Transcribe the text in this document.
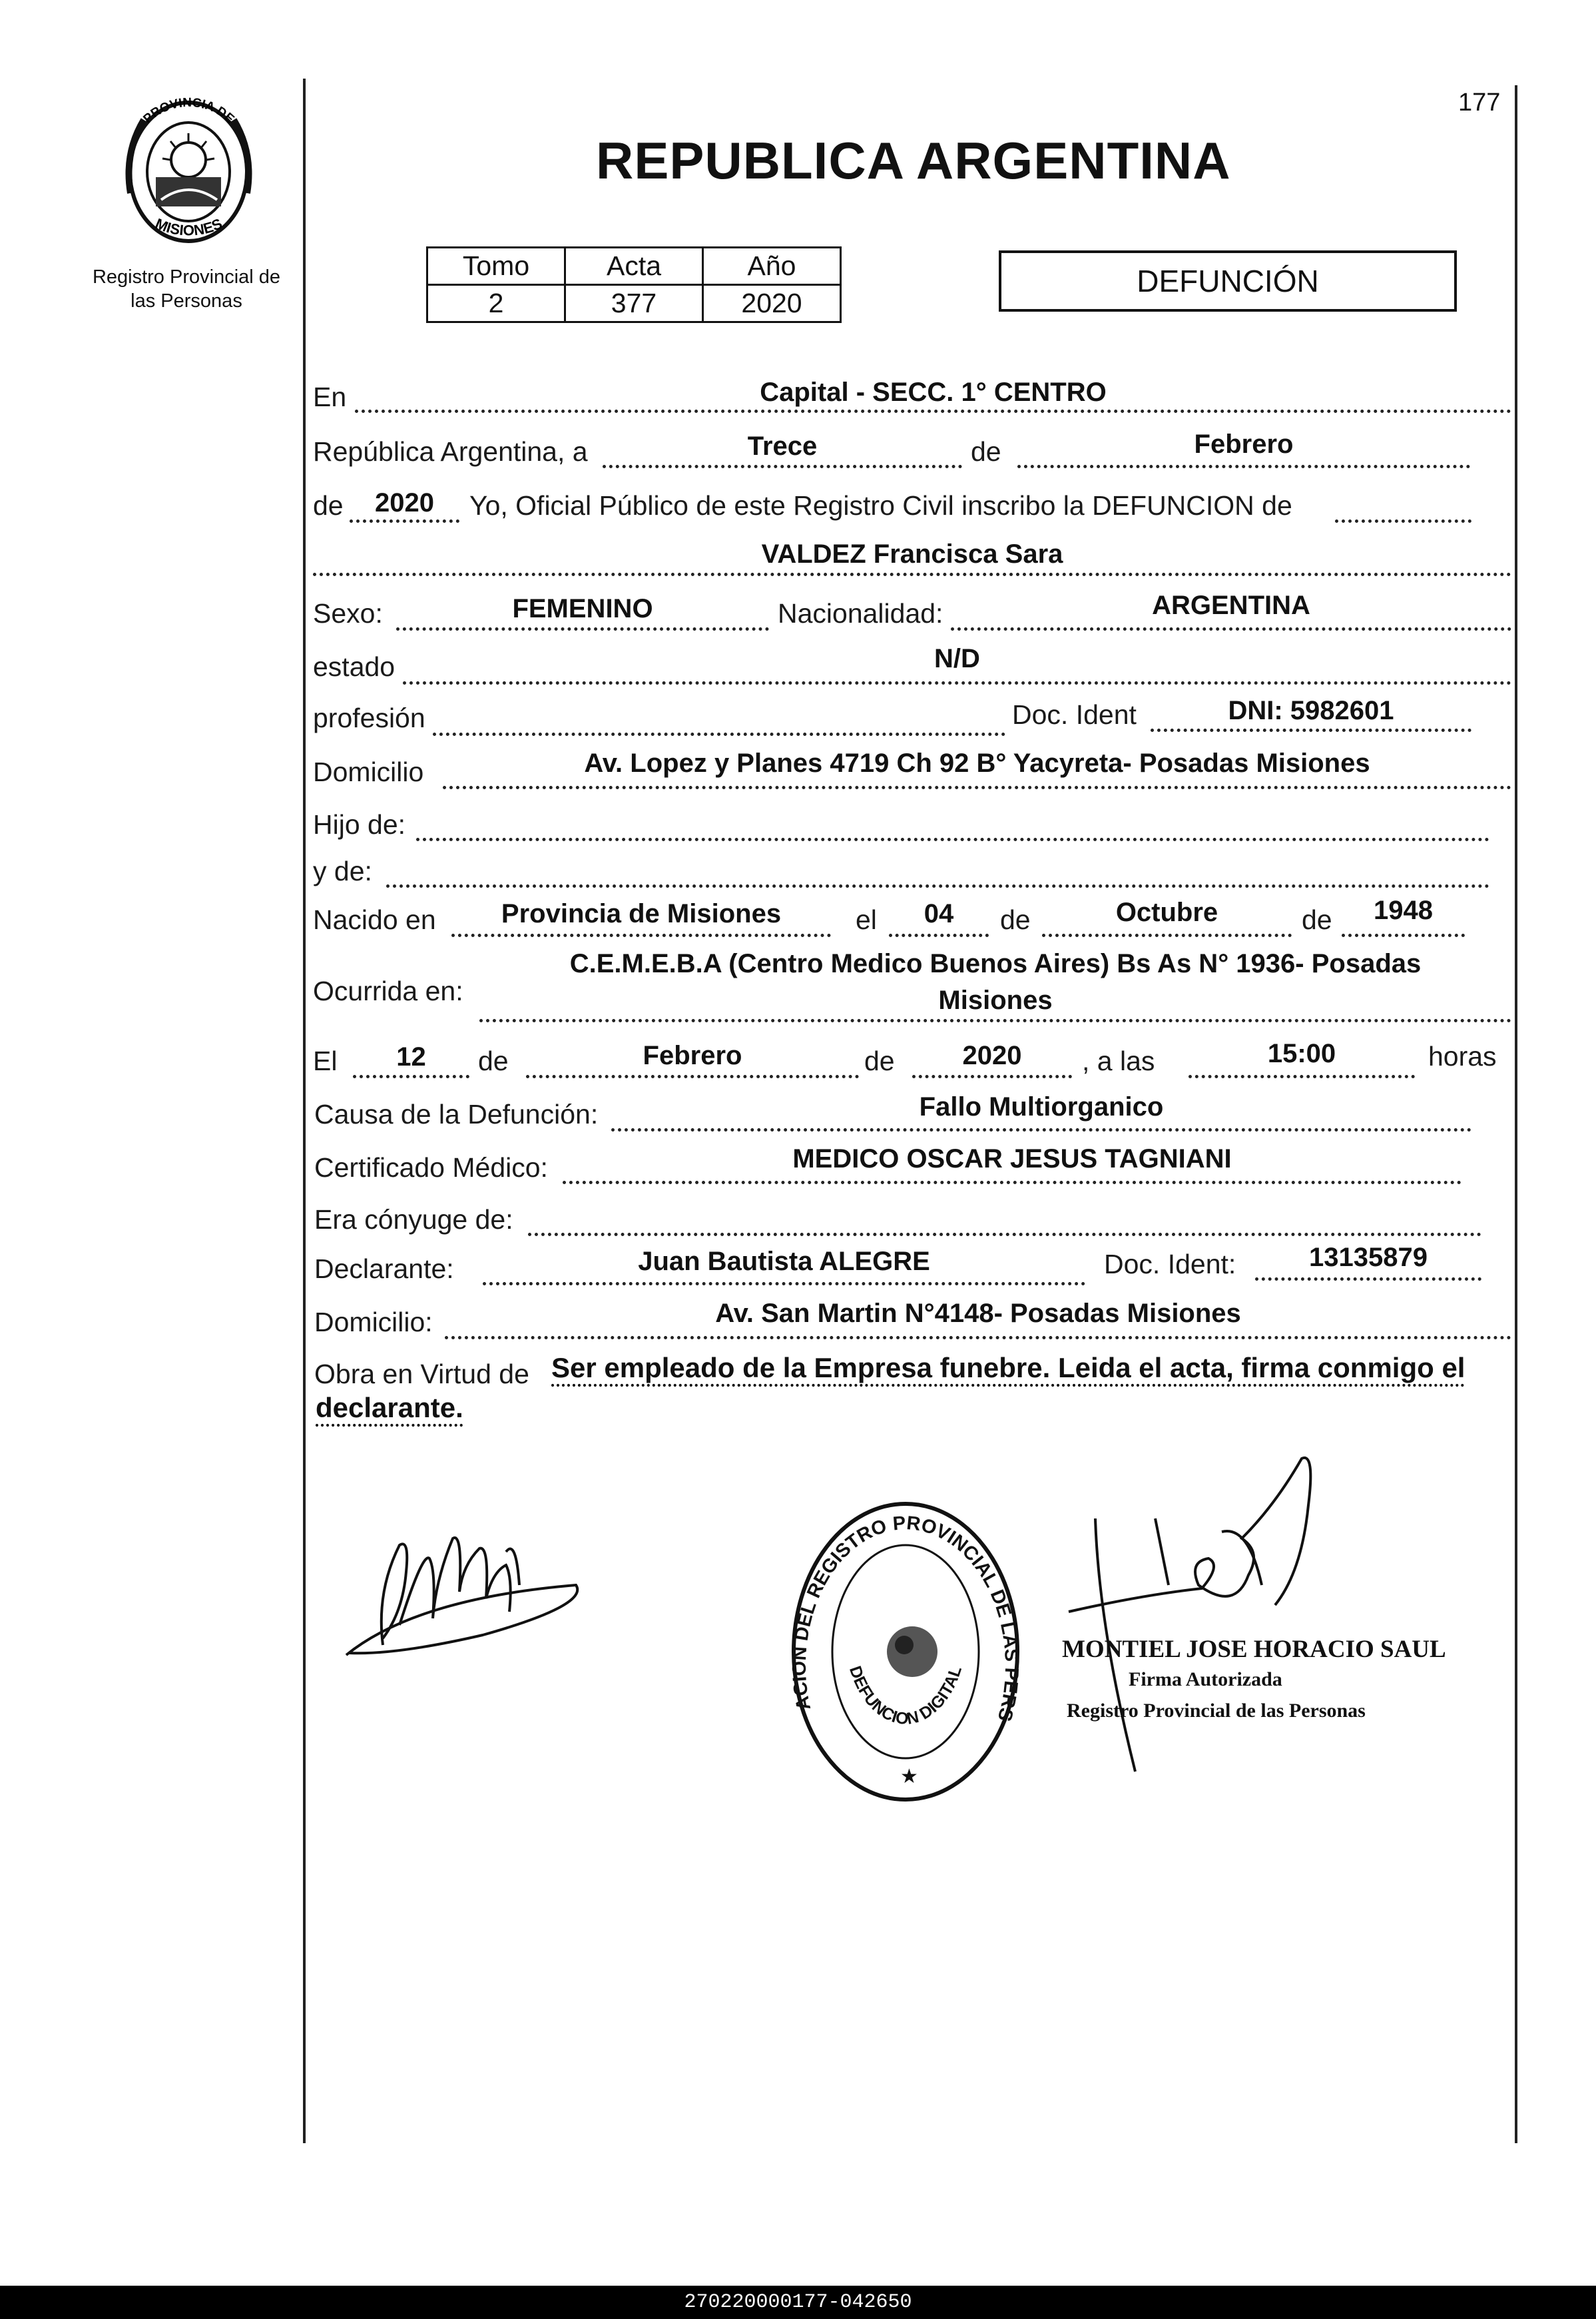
PROVINCIA DE
MISIONES
Registro Provincial de
las Personas
177
REPUBLICA ARGENTINA
Tomo	Acta	Año
2	377	2020
DEFUNCIÓN
En	Capital - SECC. 1° CENTRO
República Argentina, a	Trece	de	Febrero
de	2020	Yo, Oficial Público de este Registro Civil inscribo la DEFUNCION de
VALDEZ Francisca Sara
Sexo:	FEMENINO	Nacionalidad:	ARGENTINA
estado	N/D
profesión	Doc. Ident	DNI: 5982601
Domicilio	Av. Lopez y Planes 4719 Ch 92 B° Yacyreta- Posadas Misiones
Hijo de:
y de:
Nacido en	Provincia de Misiones	el	04	de	Octubre	de	1948
Ocurrida en:
C.E.M.E.B.A (Centro Medico Buenos Aires) Bs As N° 1936- Posadas
Misiones
El	12	de	Febrero	de	2020	, a las	15:00	horas
Causa de la Defunción:	Fallo Multiorganico
Certificado Médico:	MEDICO OSCAR JESUS TAGNIANI
Era cónyuge de:
Declarante:	Juan Bautista ALEGRE	Doc. Ident:	13135879
Domicilio:	Av. San Martin N°4148- Posadas Misiones
Obra en Virtud de Ser empleado de la Empresa funebre. Leida el acta, firma conmigo el
declarante.
ACION DEL REGISTRO PROVINCIAL DE LAS PERS
DEFUNCION DIGITAL
★
MONTIEL JOSE HORACIO SAUL
Firma Autorizada
Registro Provincial de las Personas
270220000177-042650
